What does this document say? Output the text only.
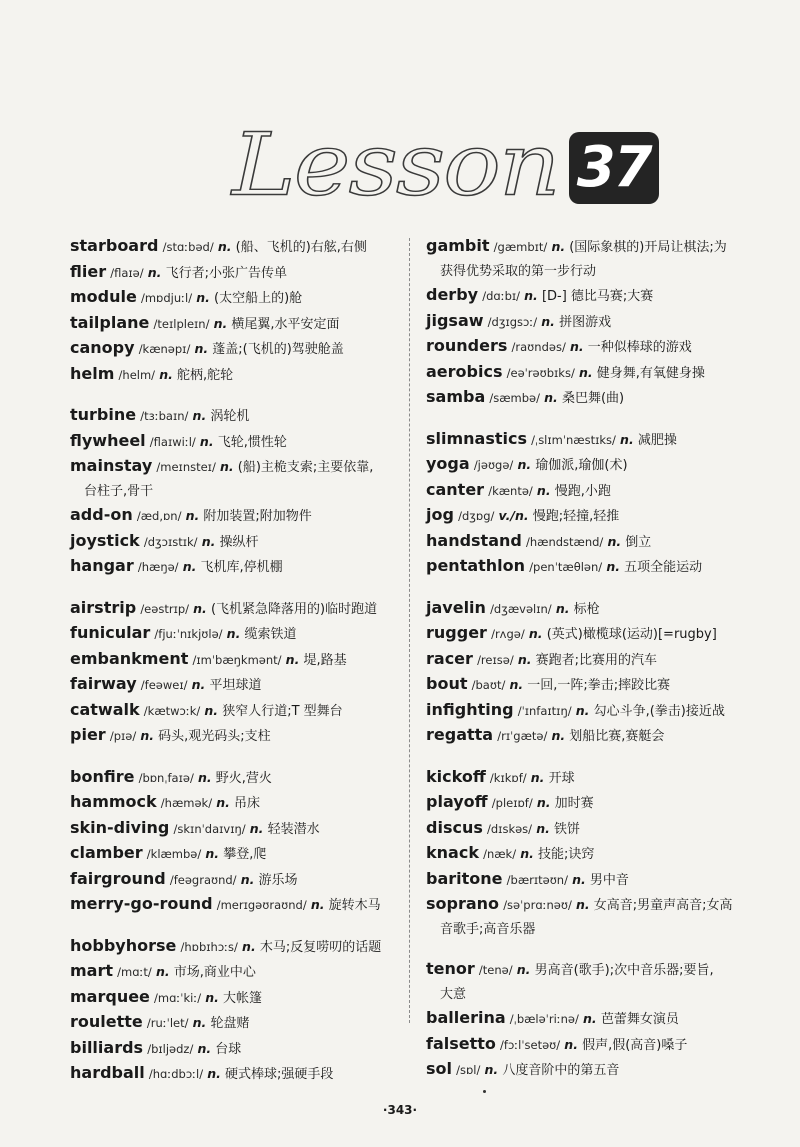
Lesson 37
starboard /stɑːbəd/ n. (船、飞机的)右舷,右侧
flier /flaɪə/ n. 飞行者;小张广告传单
module /mɒdjuːl/ n. (太空船上的)舱
tailplane /teɪlpleɪn/ n. 横尾翼,水平安定面
canopy /kænəpɪ/ n. 蓬盖;(飞机的)驾驶舱盖
helm /helm/ n. 舵柄,舵轮
turbine /tɜːbaɪn/ n. 涡轮机
flywheel /flaɪwiːl/ n. 飞轮,惯性轮
mainstay /meɪnsteɪ/ n. (船)主桅支索;主要依靠,
台柱子,骨干
add-on /æd,ɒn/ n. 附加装置;附加物件
joystick /dʒɔɪstɪk/ n. 操纵杆
hangar /hæŋə/ n. 飞机库,停机棚
airstrip /eəstrɪp/ n. (飞机紧急降落用的)临时跑道
funicular /fjuːˈnɪkjʊlə/ n. 缆索铁道
embankment /ɪmˈbæŋkmənt/ n. 堤,路基
fairway /feəweɪ/ n. 平坦球道
catwalk /kætwɔːk/ n. 狭窄人行道;T 型舞台
pier /pɪə/ n. 码头,观光码头;支柱
bonfire /bɒnˌfaɪə/ n. 野火,营火
hammock /hæmək/ n. 吊床
skin-diving /skɪnˈdaɪvɪŋ/ n. 轻装潜水
clamber /klæmbə/ n. 攀登,爬
fairground /feəgraʊnd/ n. 游乐场
merry-go-round /merɪgəʊraʊnd/ n. 旋转木马
hobbyhorse /hɒbɪhɔːs/ n. 木马;反复唠叨的话题
mart /mɑːt/ n. 市场,商业中心
marquee /mɑːˈkiː/ n. 大帐篷
roulette /ruːˈlet/ n. 轮盘赌
billiards /bɪljədz/ n. 台球
hardball /hɑːdbɔːl/ n. 硬式棒球;强硬手段
gambit /gæmbɪt/ n. (国际象棋的)开局让棋法;为
获得优势采取的第一步行动
derby /dɑːbɪ/ n. [D-] 德比马赛;大赛
jigsaw /dʒɪgsɔː/ n. 拼图游戏
rounders /raʊndəs/ n. 一种似棒球的游戏
aerobics /eəˈrəʊbɪks/ n. 健身舞,有氧健身操
samba /sæmbə/ n. 桑巴舞(曲)
slimnastics /ˌslɪmˈnæstɪks/ n. 减肥操
yoga /jəʊgə/ n. 瑜伽派,瑜伽(术)
canter /kæntə/ n. 慢跑,小跑
jog /dʒɒg/ v./n. 慢跑;轻撞,轻推
handstand /hændstænd/ n. 倒立
pentathlon /penˈtæθlən/ n. 五项全能运动
javelin /dʒævəlɪn/ n. 标枪
rugger /rʌgə/ n. (英式)橄榄球(运动)[=rugby]
racer /reɪsə/ n. 赛跑者;比赛用的汽车
bout /baʊt/ n. 一回,一阵;拳击;摔跤比赛
infighting /ˈɪnfaɪtɪŋ/ n. 勾心斗争,(拳击)接近战
regatta /rɪˈgætə/ n. 划船比赛,赛艇会
kickoff /kɪkɒf/ n. 开球
playoff /pleɪɒf/ n. 加时赛
discus /dɪskəs/ n. 铁饼
knack /næk/ n. 技能;诀窍
baritone /bærɪtəʊn/ n. 男中音
soprano /səˈprɑːnəʊ/ n. 女高音;男童声高音;女高
音歌手;高音乐器
tenor /tenə/ n. 男高音(歌手);次中音乐器;要旨,
大意
ballerina /ˌbæləˈriːnə/ n. 芭蕾舞女演员
falsetto /fɔːlˈsetəʊ/ n. 假声,假(高音)嗓子
sol /sɒl/ n. 八度音阶中的第五音
·343·
